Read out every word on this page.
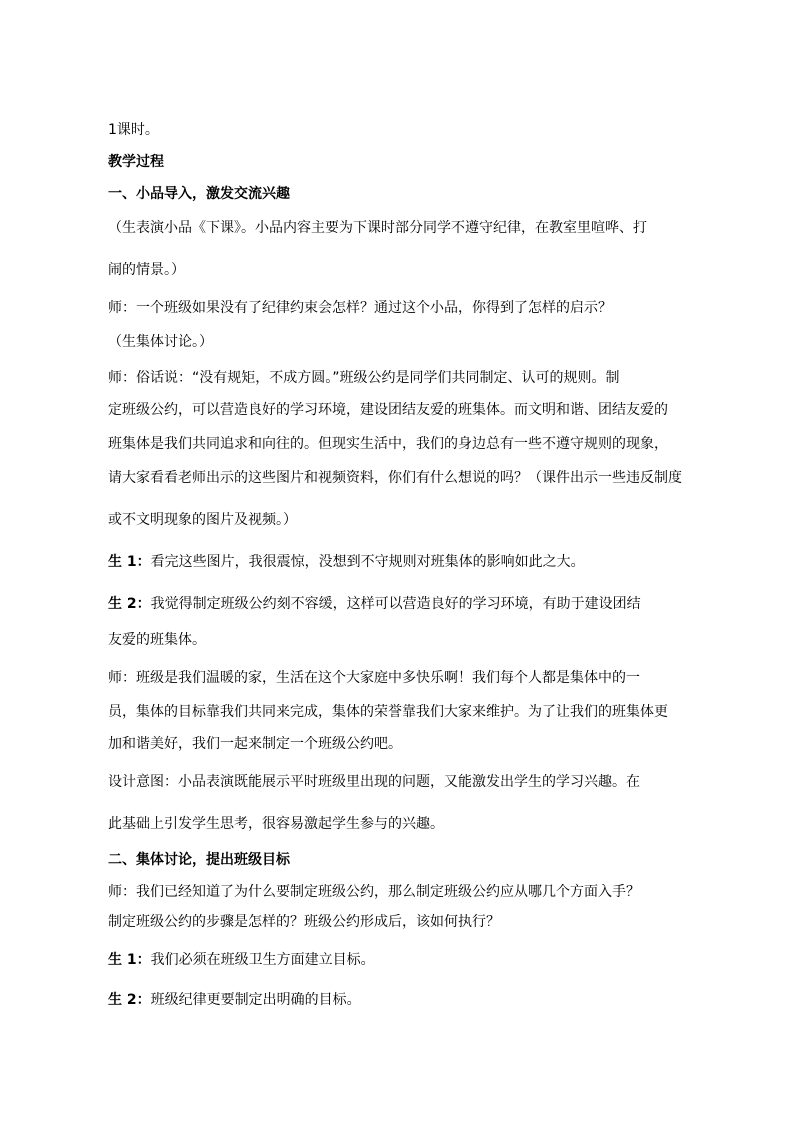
1课时。
教学过程
一、小品导入，激发交流兴趣
（生表演小品《下课》。小品内容主要为下课时部分同学不遵守纪律，在教室里喧哗、打
闹的情景。）
师：一个班级如果没有了纪律约束会怎样？通过这个小品，你得到了怎样的启示？
（生集体讨论。）
师：俗话说：“没有规矩，不成方圆。”班级公约是同学们共同制定、认可的规则。制
定班级公约，可以营造良好的学习环境，建设团结友爱的班集体。而文明和谐、团结友爱的
班集体是我们共同追求和向往的。但现实生活中，我们的身边总有一些不遵守规则的现象，
请大家看看老师出示的这些图片和视频资料，你们有什么想说的吗？（课件出示一些违反制度
或不文明现象的图片及视频。）
生 1：看完这些图片，我很震惊，没想到不守规则对班集体的影响如此之大。
生 2：我觉得制定班级公约刻不容缓，这样可以营造良好的学习环境，有助于建设团结
友爱的班集体。
师：班级是我们温暖的家，生活在这个大家庭中多快乐啊！我们每个人都是集体中的一
员，集体的目标靠我们共同来完成，集体的荣誉靠我们大家来维护。为了让我们的班集体更
加和谐美好，我们一起来制定一个班级公约吧。
设计意图：小品表演既能展示平时班级里出现的问题，又能激发出学生的学习兴趣。在
此基础上引发学生思考，很容易激起学生参与的兴趣。
二、集体讨论，提出班级目标
师：我们已经知道了为什么要制定班级公约，那么制定班级公约应从哪几个方面入手？
制定班级公约的步骤是怎样的？班级公约形成后，该如何执行？
生 1：我们必须在班级卫生方面建立目标。
生 2：班级纪律更要制定出明确的目标。
